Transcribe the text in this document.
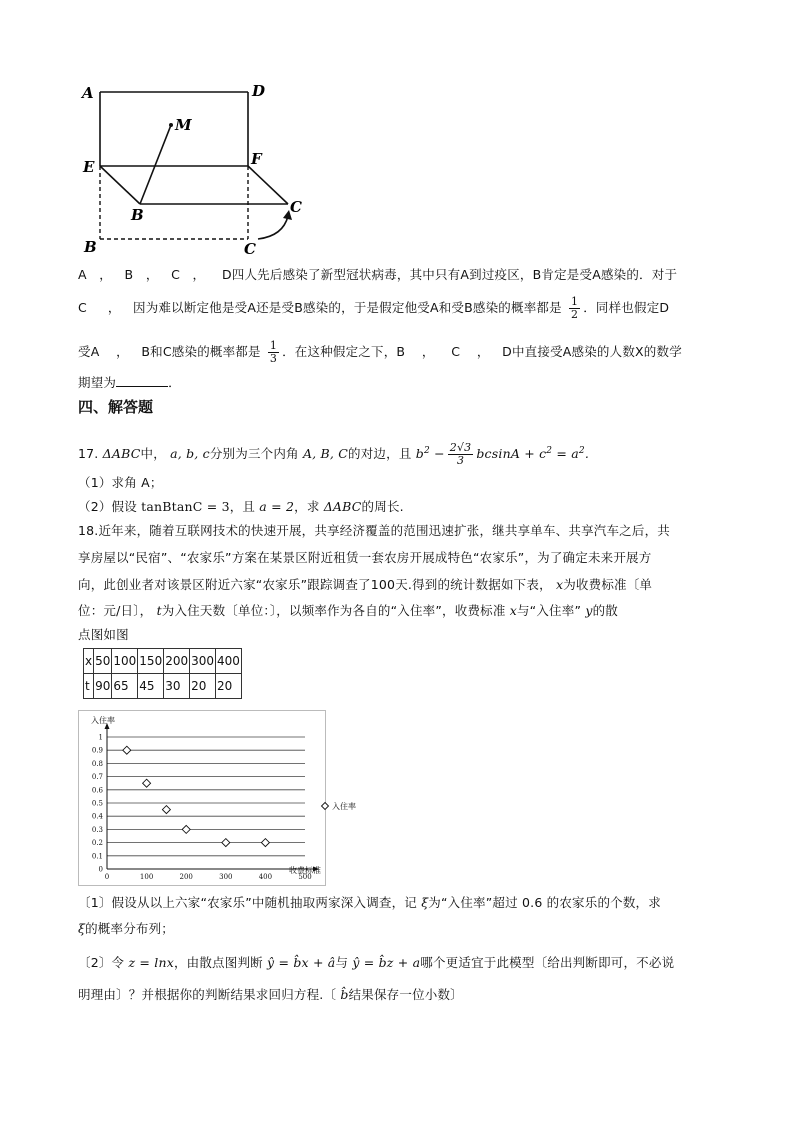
A	D
M
E	F
B	C
B	C
A ， B ， C ， D四人先后感染了新型冠状病毒，其中只有A到过疫区，B肯定是受A感染的．对于
C ， 因为难以断定他是受A还是受B感染的，于是假定他受A和受B感染的概率都是 $\frac{1}{2}$ ．同样也假定D
受A ， B和C感染的概率都是 $\frac{1}{3}$ ．在这种假定之下，B ， C ， D中直接受A感染的人数X的数学
期望为	．
四、解答题
17. ΔABC中， a, b, c分别为三个内角 A, B, C的对边，且 $b^2 - \frac{2√3}{3}$ $bcsinA + c^2 = a^2$.
（1）求角 A；
（2）假设 tanBtanC = 3，且 a = 2，求 ΔABC的周长.
18.近年来，随着互联网技术的快速开展，共享经济覆盖的范围迅速扩张，继共享单车、共享汽车之后，共
享房屋以“民宿”、“农家乐”方案在某景区附近租赁一套农房开展成特色“农家乐”，为了确定未来开展方
向，此创业者对该景区附近六家“农家乐”跟踪调查了100天.得到的统计数据如下表， x为收费标准〔单
位：元/日〕， t为入住天数〔单位：〕，以频率作为各自的“入住率”，收费标准 x与“入住率” y的散
点图如图
x	50	100	150	200	300	400
t	90	65	45	30	20	20
0
0.1
0.2
0.3
0.4
0.5
0.6
0.7
0.8
0.9
1
0	100	200	300	400	500
入住率
收费标准
入住率
〔1〕假设从以上六家“农家乐”中随机抽取两家深入调查，记 ξ为“入住率”超过 0.6 的农家乐的个数，求
ξ的概率分布列；
〔2〕令 z = lnx，由散点图判断 ŷ = b̂x + â与 ŷ = b̂z + a哪个更适宜于此模型〔给出判断即可，不必说
明理由〕？并根据你的判断结果求回归方程.〔 b̂结果保存一位小数〕
